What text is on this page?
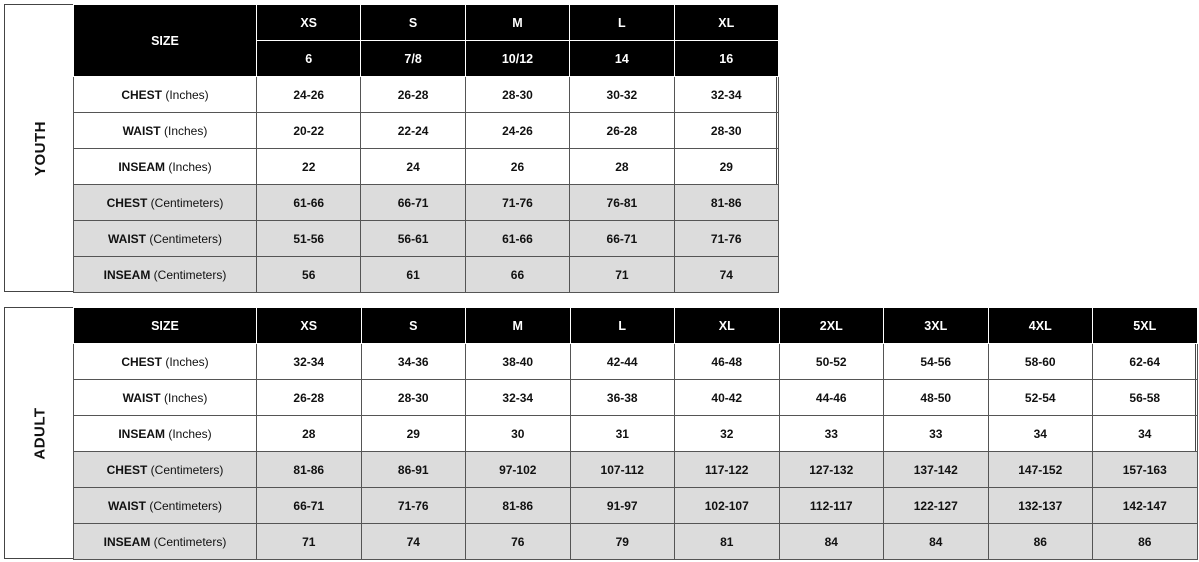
YOUTH
SIZE	XS	S	M	L	XL
	6	7/8	10/12	14	16
CHEST (Inches)	24-26	26-28	28-30	30-32	32-34
WAIST (Inches)	20-22	22-24	24-26	26-28	28-30
INSEAM (Inches)	22	24	26	28	29
CHEST (Centimeters)	61-66	66-71	71-76	76-81	81-86
WAIST (Centimeters)	51-56	56-61	61-66	66-71	71-76
INSEAM (Centimeters)	56	61	66	71	74
ADULT
SIZE	XS	S	M	L	XL	2XL	3XL	4XL	5XL
CHEST (Inches)	32-34	34-36	38-40	42-44	46-48	50-52	54-56	58-60	62-64
WAIST (Inches)	26-28	28-30	32-34	36-38	40-42	44-46	48-50	52-54	56-58
INSEAM (Inches)	28	29	30	31	32	33	33	34	34
CHEST (Centimeters)	81-86	86-91	97-102	107-112	117-122	127-132	137-142	147-152	157-163
WAIST (Centimeters)	66-71	71-76	81-86	91-97	102-107	112-117	122-127	132-137	142-147
INSEAM (Centimeters)	71	74	76	79	81	84	84	86	86
